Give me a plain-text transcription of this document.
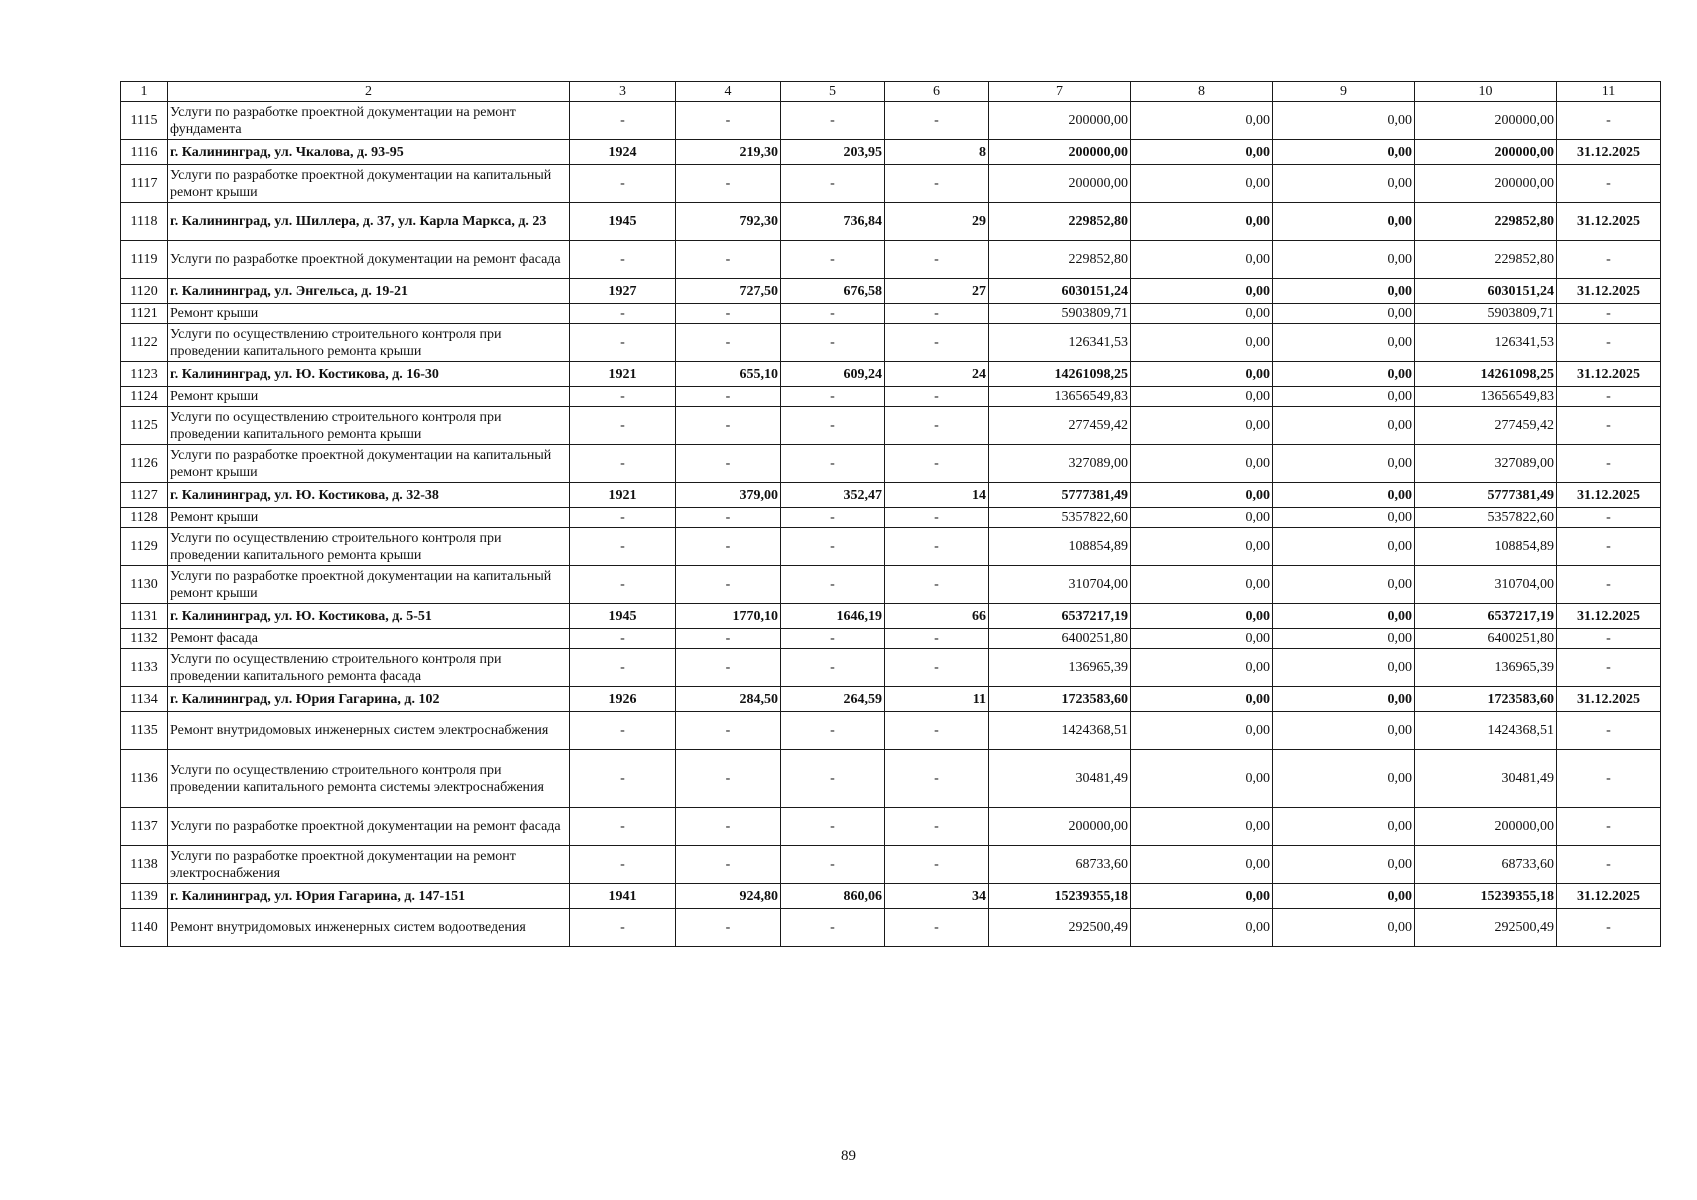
1	2	3	4	5	6	7	8	9	10	11
1115	Услуги по разработке проектной документации на ремонт фундамента	-	-	-	-	200000,00	0,00	0,00	200000,00	-
1116	г. Калининград, ул. Чкалова, д. 93-95	1924	219,30	203,95	8	200000,00	0,00	0,00	200000,00	31.12.2025
1117	Услуги по разработке проектной документации на капитальный ремонт крыши	-	-	-	-	200000,00	0,00	0,00	200000,00	-
1118	г. Калининград, ул. Шиллера, д. 37, ул. Карла Маркса, д. 23	1945	792,30	736,84	29	229852,80	0,00	0,00	229852,80	31.12.2025
1119	Услуги по разработке проектной документации на ремонт фасада	-	-	-	-	229852,80	0,00	0,00	229852,80	-
1120	г. Калининград, ул. Энгельса, д. 19-21	1927	727,50	676,58	27	6030151,24	0,00	0,00	6030151,24	31.12.2025
1121	Ремонт крыши	-	-	-	-	5903809,71	0,00	0,00	5903809,71	-
1122	Услуги по осуществлению строительного контроля при проведении капитального ремонта крыши	-	-	-	-	126341,53	0,00	0,00	126341,53	-
1123	г. Калининград, ул. Ю. Костикова, д. 16-30	1921	655,10	609,24	24	14261098,25	0,00	0,00	14261098,25	31.12.2025
1124	Ремонт крыши	-	-	-	-	13656549,83	0,00	0,00	13656549,83	-
1125	Услуги по осуществлению строительного контроля при проведении капитального ремонта крыши	-	-	-	-	277459,42	0,00	0,00	277459,42	-
1126	Услуги по разработке проектной документации на капитальный ремонт крыши	-	-	-	-	327089,00	0,00	0,00	327089,00	-
1127	г. Калининград, ул. Ю. Костикова, д. 32-38	1921	379,00	352,47	14	5777381,49	0,00	0,00	5777381,49	31.12.2025
1128	Ремонт крыши	-	-	-	-	5357822,60	0,00	0,00	5357822,60	-
1129	Услуги по осуществлению строительного контроля при проведении капитального ремонта крыши	-	-	-	-	108854,89	0,00	0,00	108854,89	-
1130	Услуги по разработке проектной документации на капитальный ремонт крыши	-	-	-	-	310704,00	0,00	0,00	310704,00	-
1131	г. Калининград, ул. Ю. Костикова, д. 5-51	1945	1770,10	1646,19	66	6537217,19	0,00	0,00	6537217,19	31.12.2025
1132	Ремонт фасада	-	-	-	-	6400251,80	0,00	0,00	6400251,80	-
1133	Услуги по осуществлению строительного контроля при проведении капитального ремонта фасада	-	-	-	-	136965,39	0,00	0,00	136965,39	-
1134	г. Калининград, ул. Юрия Гагарина, д. 102	1926	284,50	264,59	11	1723583,60	0,00	0,00	1723583,60	31.12.2025
1135	Ремонт внутридомовых инженерных систем электроснабжения	-	-	-	-	1424368,51	0,00	0,00	1424368,51	-
1136	Услуги по осуществлению строительного контроля при проведении капитального ремонта системы электроснабжения	-	-	-	-	30481,49	0,00	0,00	30481,49	-
1137	Услуги по разработке проектной документации на ремонт фасада	-	-	-	-	200000,00	0,00	0,00	200000,00	-
1138	Услуги по разработке проектной документации на ремонт электроснабжения	-	-	-	-	68733,60	0,00	0,00	68733,60	-
1139	г. Калининград, ул. Юрия Гагарина, д. 147-151	1941	924,80	860,06	34	15239355,18	0,00	0,00	15239355,18	31.12.2025
1140	Ремонт внутридомовых инженерных систем водоотведения	-	-	-	-	292500,49	0,00	0,00	292500,49	-
89
